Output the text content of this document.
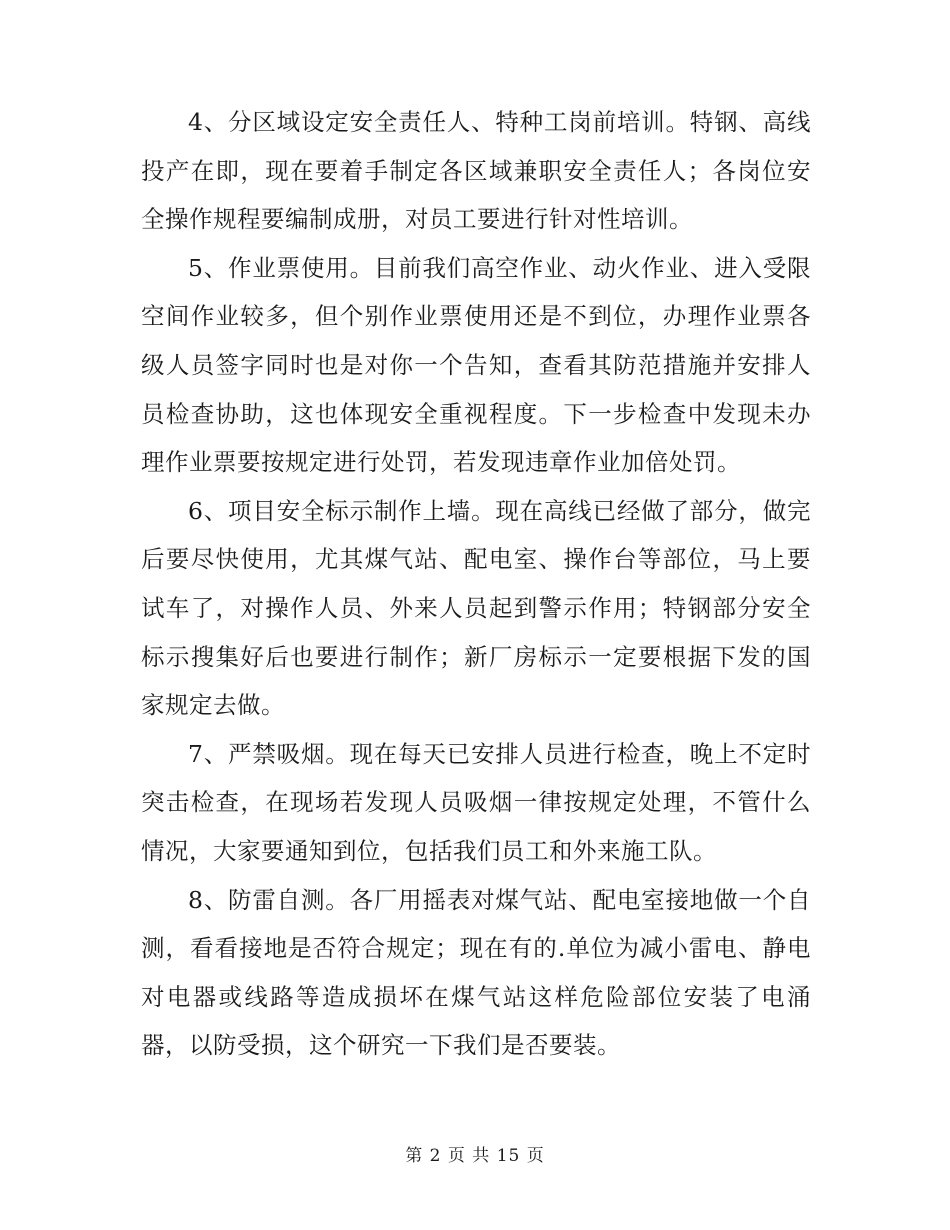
4、分区域设定安全责任人、特种工岗前培训。特钢、高线投产在即，现在要着手制定各区域兼职安全责任人；各岗位安全操作规程要编制成册，对员工要进行针对性培训。

5、作业票使用。目前我们高空作业、动火作业、进入受限空间作业较多，但个别作业票使用还是不到位，办理作业票各级人员签字同时也是对你一个告知，查看其防范措施并安排人员检查协助，这也体现安全重视程度。下一步检查中发现未办理作业票要按规定进行处罚，若发现违章作业加倍处罚。

6、项目安全标示制作上墙。现在高线已经做了部分，做完后要尽快使用，尤其煤气站、配电室、操作台等部位，马上要试车了，对操作人员、外来人员起到警示作用；特钢部分安全标示搜集好后也要进行制作；新厂房标示一定要根据下发的国家规定去做。

7、严禁吸烟。现在每天已安排人员进行检查，晚上不定时突击检查，在现场若发现人员吸烟一律按规定处理，不管什么情况，大家要通知到位，包括我们员工和外来施工队。

8、防雷自测。各厂用摇表对煤气站、配电室接地做一个自测，看看接地是否符合规定；现在有的.单位为减小雷电、静电对电器或线路等造成损坏在煤气站这样危险部位安装了电涌器，以防受损，这个研究一下我们是否要装。

第 2 页 共 15 页
